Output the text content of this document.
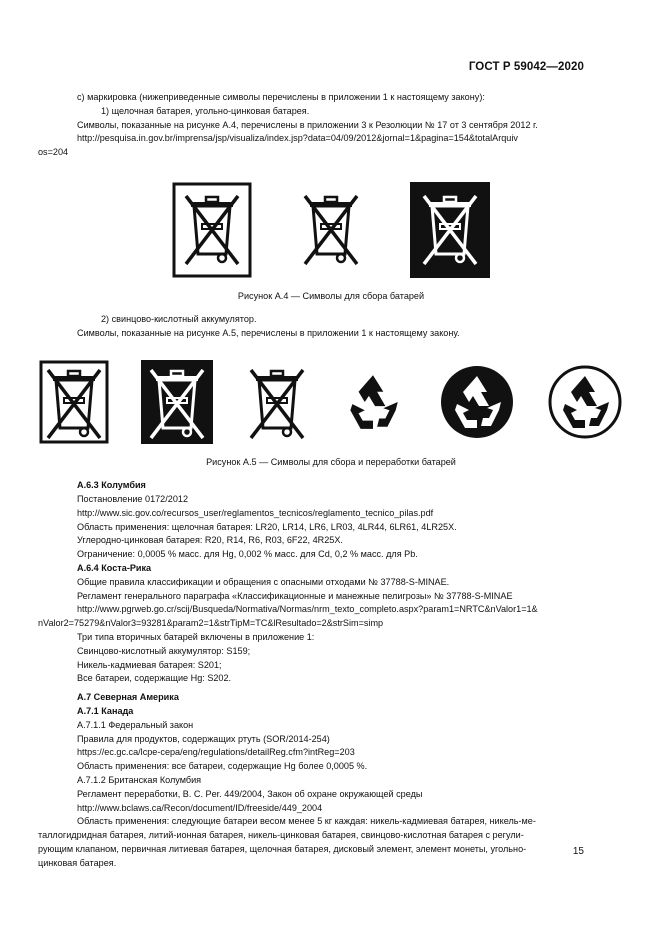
ГОСТ Р 59042—2020

c) маркировка (нижеприведенные символы перечислены в приложении 1 к настоящему закону):

1) щелочная батарея, угольно-цинковая батарея.

Символы, показанные на рисунке А.4, перечислены в приложении 3 к Резолюции № 17 от 3 сентября 2012 г.

http://pesquisa.in.gov.br/imprensa/jsp/visualiza/index.jsp?data=04/09/2012&jornal=1&pagina=154&totalArquiv
os=204

Рисунок А.4 — Символы для сбора батарей

2) свинцово-кислотный аккумулятор.

Символы, показанные на рисунке А.5, перечислены в приложении 1 к настоящему закону.

Рисунок А.5 — Символы для сбора и переработки батарей

А.6.3 Колумбия

Постановление 0172/2012

http://www.sic.gov.co/recursos_user/reglamentos_tecnicos/reglamento_tecnico_pilas.pdf

Область применения: щелочная батарея: LR20, LR14, LR6, LR03, 4LR44, 6LR61, 4LR25X.

Углеродно-цинковая батарея: R20, R14, R6, R03, 6F22, 4R25X.

Ограничение: 0,0005 % масс. для Hg, 0,002 % масс. для Cd, 0,2 % масс. для Pb.

А.6.4 Коста-Рика

Общие правила классификации и обращения с опасными отходами № 37788-S-MINAE.

Регламент генерального параграфа «Классификационные и манежные пелигрозы» № 37788-S-MINAE

http://www.pgrweb.go.cr/scij/Busqueda/Normativa/Normas/nrm_texto_completo.aspx?param1=NRTC&nValor1=1&
nValor2=75279&nValor3=93281&param2=1&strTipM=TC&lResultado=2&strSim=simp

Три типа вторичных батарей включены в приложение 1:

Свинцово-кислотный аккумулятор: S159;

Никель-кадмиевая батарея: S201;

Все батареи, содержащие Hg: S202.

А.7 Северная Америка

А.7.1 Канада

А.7.1.1 Федеральный закон

Правила для продуктов, содержащих ртуть (SOR/2014-254)

https://ec.gc.ca/lcpe-cepa/eng/regulations/detailReg.cfm?intReg=203

Область применения: все батареи, содержащие Hg более 0,0005 %.

А.7.1.2 Британская Колумбия

Регламент переработки, B. C. Per. 449/2004, Закон об охране окружающей среды

http://www.bclaws.ca/Recon/document/ID/freeside/449_2004

Область применения: следующие батареи весом менее 5 кг каждая: никель-кадмиевая батарея, никель-ме-
таллогидридная батарея, литий-ионная батарея, никель-цинковая батарея, свинцово-кислотная батарея с регули-
рующим клапаном, первичная литиевая батарея, щелочная батарея, дисковый элемент, элемент монеты, угольно-
цинковая батарея.

15
